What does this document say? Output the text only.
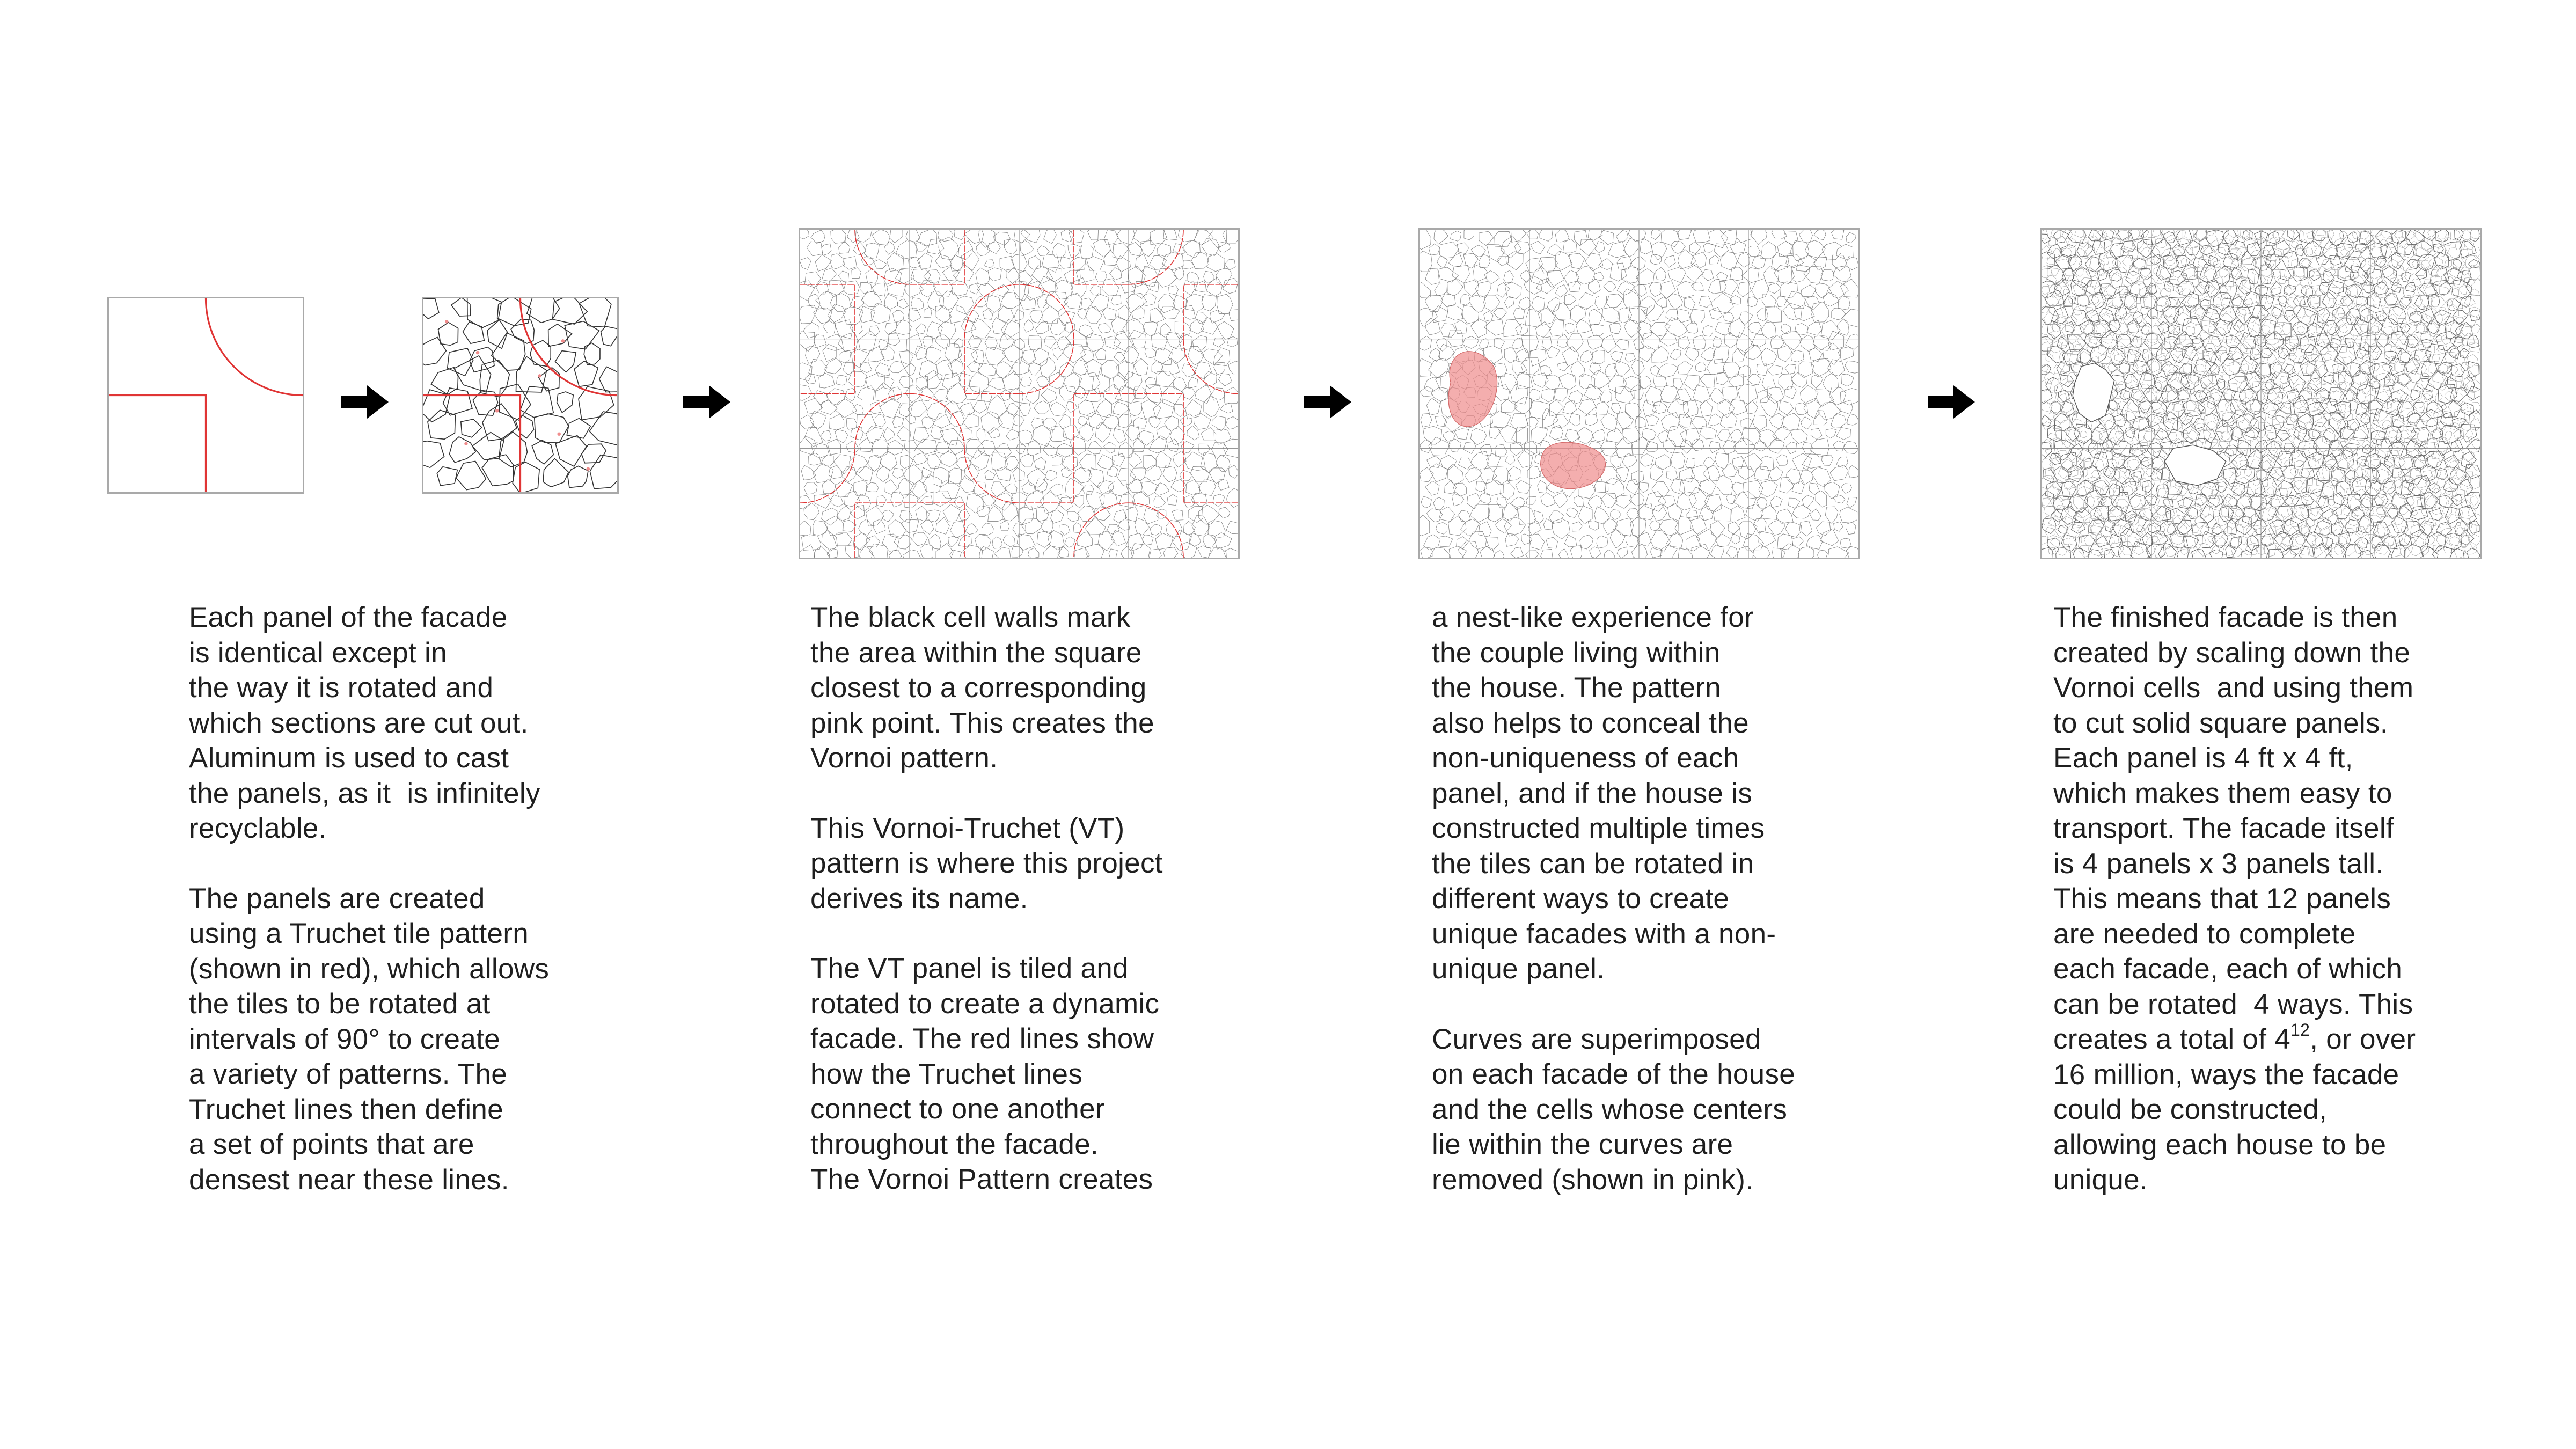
Each panel of the facade
is identical except in
the way it is rotated and
which sections are cut out.
Aluminum is used to cast
the panels, as it  is infinitely
recyclable.

The panels are created
using a Truchet tile pattern
(shown in red), which allows
the tiles to be rotated at
intervals of 90° to create
a variety of patterns. The
Truchet lines then define
a set of points that are
densest near these lines.

The black cell walls mark
the area within the square
closest to a corresponding
pink point. This creates the
Vornoi pattern.

This Vornoi-Truchet (VT)
pattern is where this project
derives its name.

The VT panel is tiled and
rotated to create a dynamic
facade. The red lines show
how the Truchet lines
connect to one another
throughout the facade.
The Vornoi Pattern creates

a nest-like experience for
the couple living within
the house. The pattern
also helps to conceal the
non-uniqueness of each
panel, and if the house is
constructed multiple times
the tiles can be rotated in
different ways to create
unique facades with a non-
unique panel.

Curves are superimposed
on each facade of the house
and the cells whose centers
lie within the curves are
removed (shown in pink).

The finished facade is then
created by scaling down the
Vornoi cells  and using them
to cut solid square panels.
Each panel is 4 ft x 4 ft,
which makes them easy to
transport. The facade itself
is 4 panels x 3 panels tall.
This means that 12 panels
are needed to complete
each facade, each of which
can be rotated  4 ways. This
creates a total of $4^{12}$, or over
16 million, ways the facade
could be constructed,
allowing each house to be
unique.
